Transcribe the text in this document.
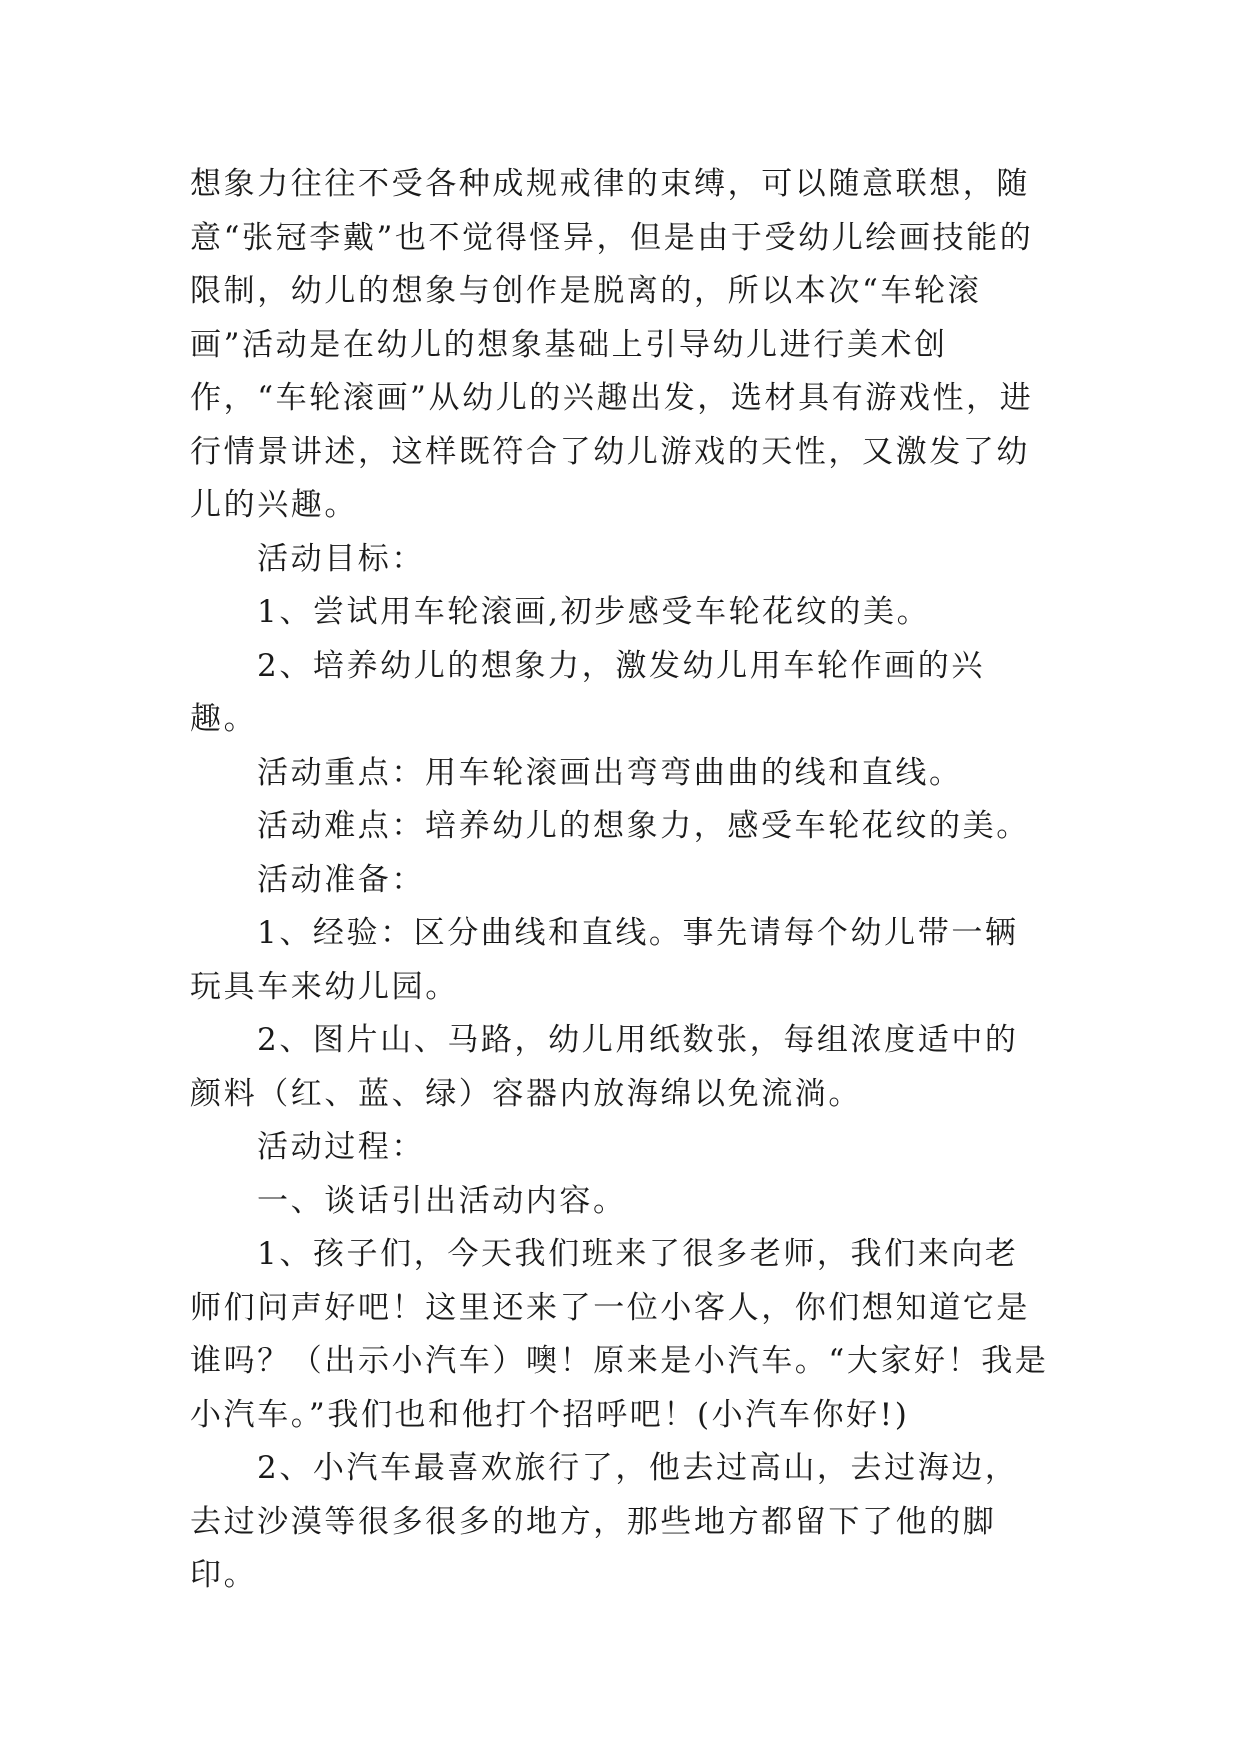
想象力往往不受各种成规戒律的束缚，可以随意联想，随意“张冠李戴”也不觉得怪异，但是由于受幼儿绘画技能的限制，幼儿的想象与创作是脱离的，所以本次“车轮滚画”活动是在幼儿的想象基础上引导幼儿进行美术创作，“车轮滚画”从幼儿的兴趣出发，选材具有游戏性，进行情景讲述，这样既符合了幼儿游戏的天性，又激发了幼儿的兴趣。

活动目标：

1、尝试用车轮滚画,初步感受车轮花纹的美。

2、培养幼儿的想象力，激发幼儿用车轮作画的兴趣。

活动重点：用车轮滚画出弯弯曲曲的线和直线。

活动难点：培养幼儿的想象力，感受车轮花纹的美。

活动准备：

1、经验：区分曲线和直线。事先请每个幼儿带一辆玩具车来幼儿园。

2、图片山、马路，幼儿用纸数张，每组浓度适中的颜料（红、蓝、绿）容器内放海绵以免流淌。

活动过程：

一、谈话引出活动内容。

1、孩子们，今天我们班来了很多老师，我们来向老师们问声好吧！这里还来了一位小客人，你们想知道它是谁吗？（出示小汽车）噢！原来是小汽车。“大家好！我是小汽车。”我们也和他打个招呼吧！(小汽车你好!)

2、小汽车最喜欢旅行了，他去过高山，去过海边，去过沙漠等很多很多的地方，那些地方都留下了他的脚印。
